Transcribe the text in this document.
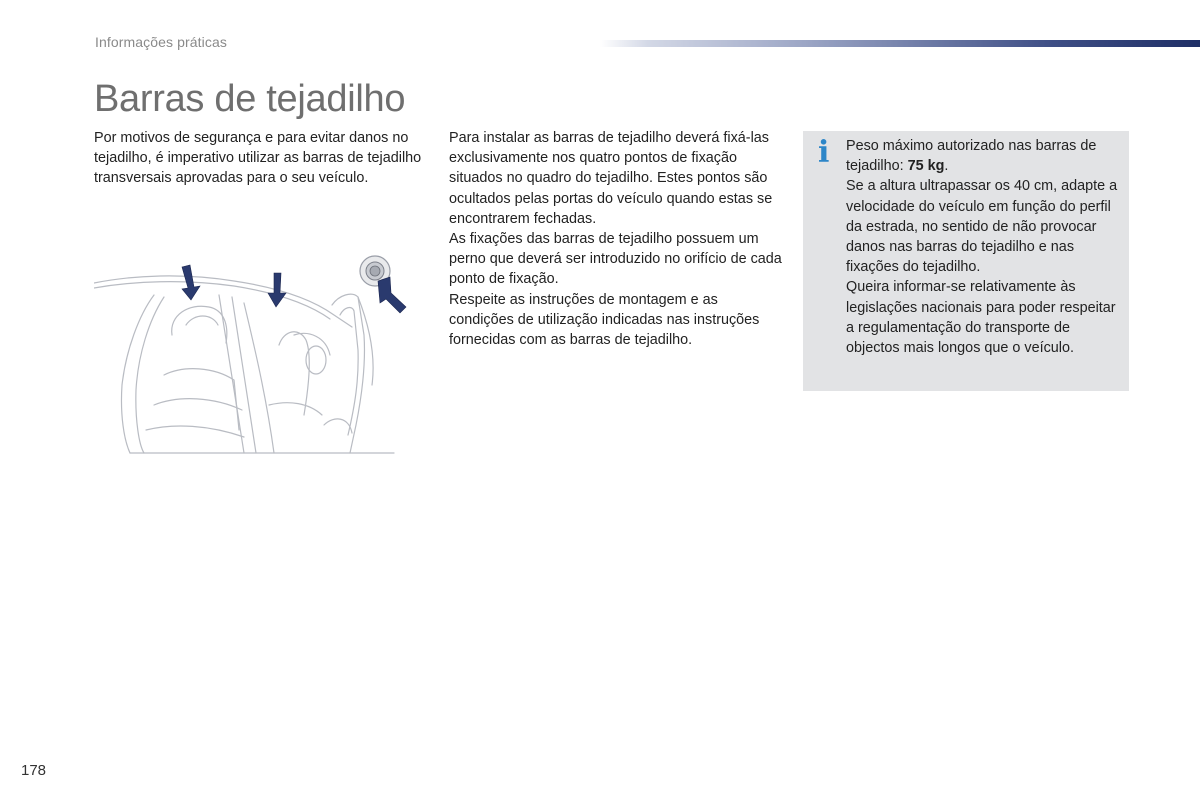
Informações práticas
Barras de tejadilho

Por motivos de segurança e para evitar danos no tejadilho, é imperativo utilizar as barras de tejadilho transversais aprovadas para o seu veículo.

Para instalar as barras de tejadilho deverá fixá-las exclusivamente nos quatro pontos de fixação situados no quadro do tejadilho. Estes pontos são ocultados pelas portas do veículo quando estas se encontrarem fechadas.

As fixações das barras de tejadilho possuem um perno que deverá ser introduzido no orifício de cada ponto de fixação.

Respeite as instruções de montagem e as condições de utilização indicadas nas instruções fornecidas com as barras de tejadilho.

i Peso máximo autorizado nas barras de tejadilho: 75 kg.

Se a altura ultrapassar os 40 cm, adapte a velocidade do veículo em função do perfil da estrada, no sentido de não provocar danos nas barras do tejadilho e nas fixações do tejadilho.

Queira informar-se relativamente às legislações nacionais para poder respeitar a regulamentação do transporte de objectos mais longos que o veículo.

178
